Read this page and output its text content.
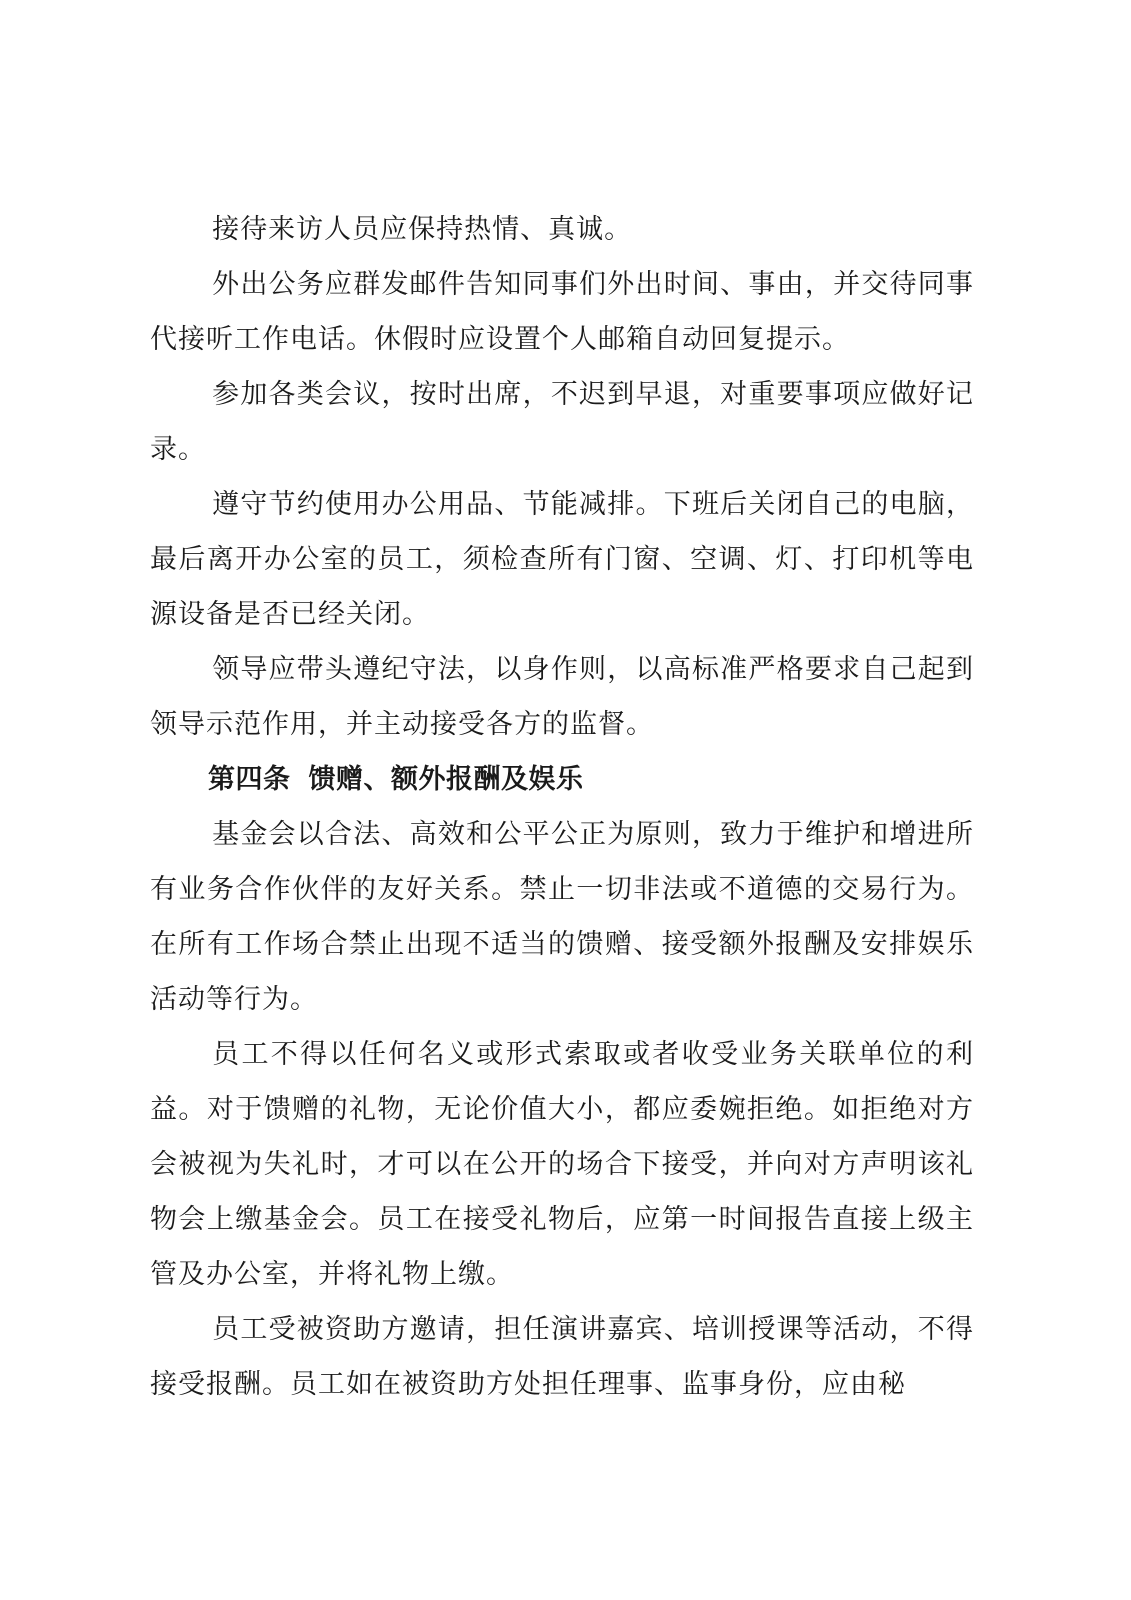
接待来访人员应保持热情、真诚。

外出公务应群发邮件告知同事们外出时间、事由，并交待同事代接听工作电话。休假时应设置个人邮箱自动回复提示。

参加各类会议，按时出席，不迟到早退，对重要事项应做好记录。

遵守节约使用办公用品、节能减排。下班后关闭自己的电脑，最后离开办公室的员工，须检查所有门窗、空调、灯、打印机等电源设备是否已经关闭。

领导应带头遵纪守法，以身作则，以高标准严格要求自己起到领导示范作用，并主动接受各方的监督。

第四条 馈赠、额外报酬及娱乐

基金会以合法、高效和公平公正为原则，致力于维护和增进所有业务合作伙伴的友好关系。禁止一切非法或不道德的交易行为。在所有工作场合禁止出现不适当的馈赠、接受额外报酬及安排娱乐活动等行为。

员工不得以任何名义或形式索取或者收受业务关联单位的利益。对于馈赠的礼物，无论价值大小，都应委婉拒绝。如拒绝对方会被视为失礼时，才可以在公开的场合下接受，并向对方声明该礼物会上缴基金会。员工在接受礼物后，应第一时间报告直接上级主管及办公室，并将礼物上缴。

员工受被资助方邀请，担任演讲嘉宾、培训授课等活动，不得接受报酬。员工如在被资助方处担任理事、监事身份，应由秘
